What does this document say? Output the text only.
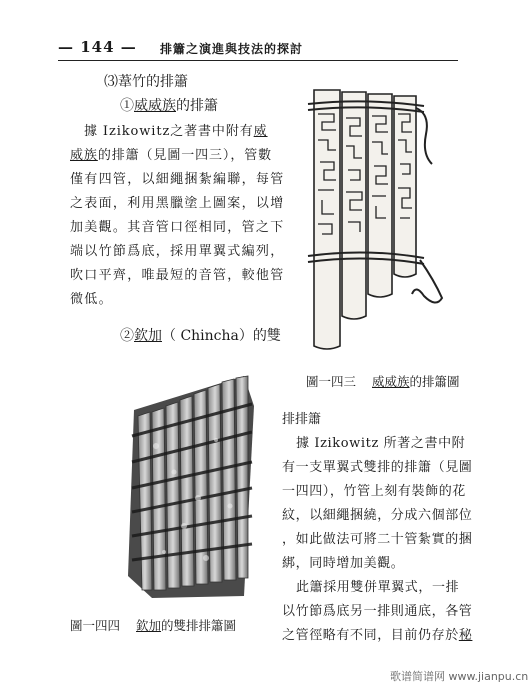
— 144 — 排簫之演進與技法的探討
⑶葦竹的排簫
①威威族的排簫
據 Izikowitz之著書中附有威
威族的排簫（見圖一四三），管數
僅有四管，以細繩捆紮編聯，每管
之表面，利用黑臘塗上圖案，以增
加美觀。其音管口徑相同，管之下
端以竹節爲底，採用單翼式編列，
吹口平齊，唯最短的音管，較他管
微低。
②欽加（ Chincha）的雙
圖一四三 威威族的排簫圖
圖一四四 欽加的雙排排簫圖
排排簫
據 Izikowitz 所著之書中附
有一支單翼式雙排的排簫（見圖
一四四），竹管上刻有裝飾的花
紋，以細繩捆繞，分成六個部位
，如此做法可將二十管紮實的捆
綁，同時增加美觀。
此簫採用雙併單翼式，一排
以竹節爲底另一排則通底，各管
之管徑略有不同，目前仍存於秘
歌谱简谱网 www.jianpu.cn
